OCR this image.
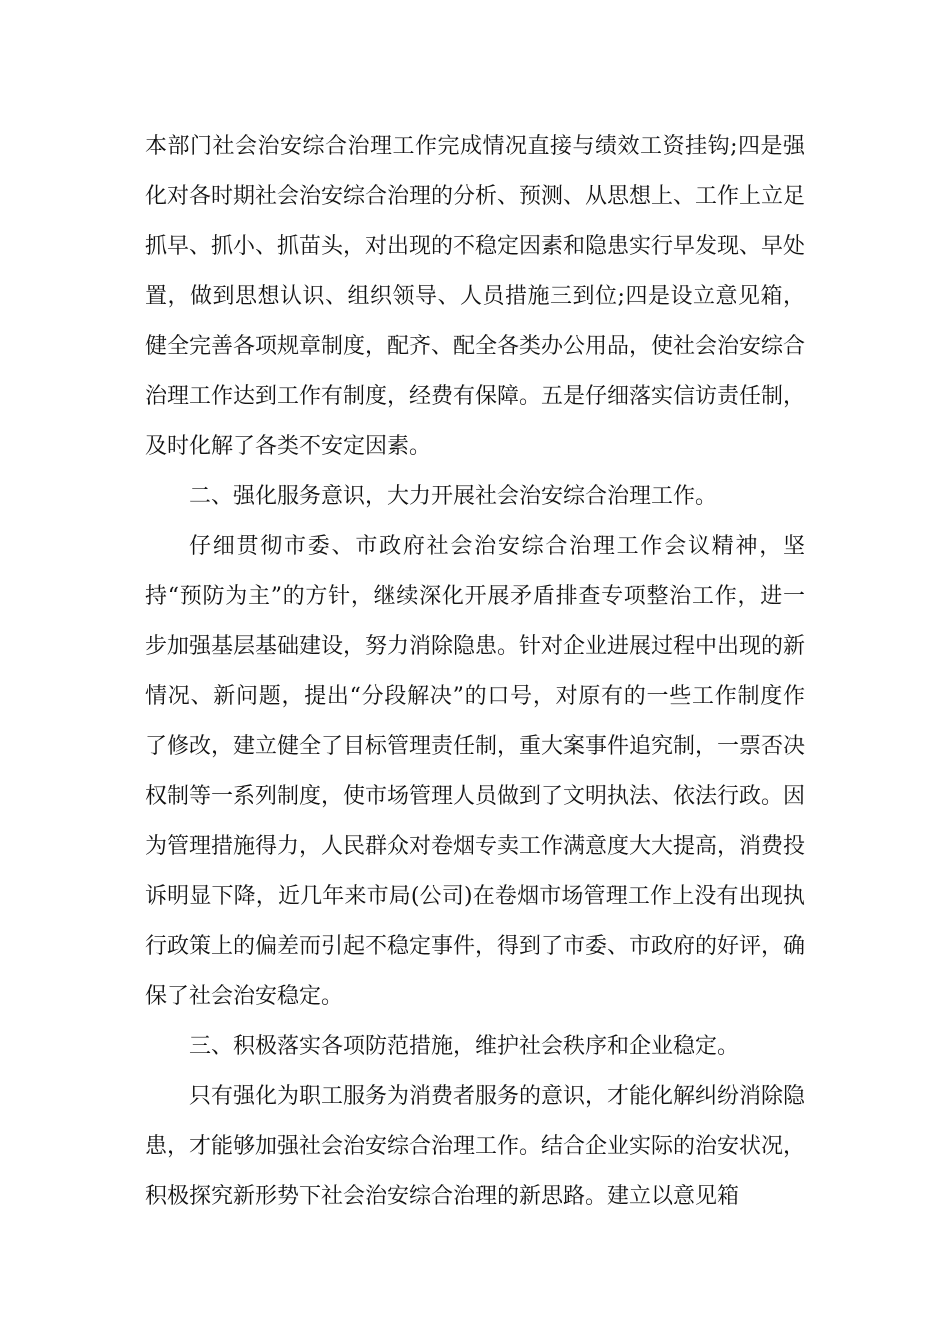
本部门社会治安综合治理工作完成情况直接与绩效工资挂钩;四是强化对各时期社会治安综合治理的分析、预测、从思想上、工作上立足抓早、抓小、抓苗头，对出现的不稳定因素和隐患实行早发现、早处置，做到思想认识、组织领导、人员措施三到位;四是设立意见箱，健全完善各项规章制度，配齐、配全各类办公用品，使社会治安综合治理工作达到工作有制度，经费有保障。五是仔细落实信访责任制，及时化解了各类不安定因素。

二、强化服务意识，大力开展社会治安综合治理工作。

仔细贯彻市委、市政府社会治安综合治理工作会议精神，坚持“预防为主”的方针，继续深化开展矛盾排查专项整治工作，进一步加强基层基础建设，努力消除隐患。针对企业进展过程中出现的新情况、新问题，提出“分段解决”的口号，对原有的一些工作制度作了修改，建立健全了目标管理责任制，重大案事件追究制，一票否决权制等一系列制度，使市场管理人员做到了文明执法、依法行政。因为管理措施得力，人民群众对卷烟专卖工作满意度大大提高，消费投诉明显下降，近几年来市局(公司)在卷烟市场管理工作上没有出现执行政策上的偏差而引起不稳定事件，得到了市委、市政府的好评，确保了社会治安稳定。

三、积极落实各项防范措施，维护社会秩序和企业稳定。

只有强化为职工服务为消费者服务的意识，才能化解纠纷消除隐患，才能够加强社会治安综合治理工作。结合企业实际的治安状况，积极探究新形势下社会治安综合治理的新思路。建立以意见箱
